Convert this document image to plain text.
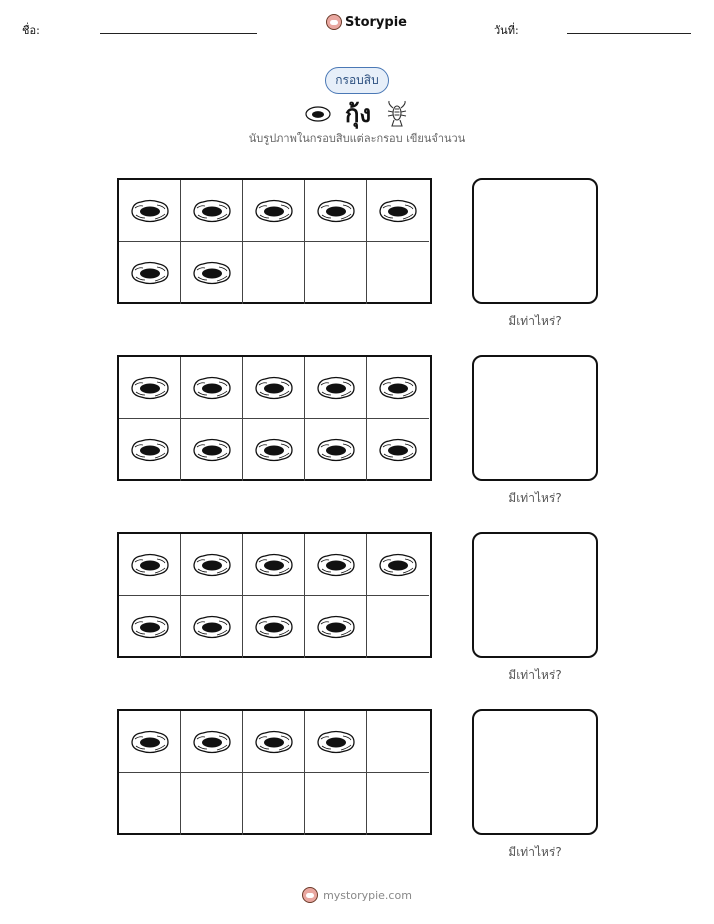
ชื่อ:
Storypie
วันที่:
กรอบสิบ
กุ้ง
นับรูปภาพในกรอบสิบแต่ละกรอบ เขียนจำนวน
มีเท่าไหร่?
มีเท่าไหร่?
มีเท่าไหร่?
มีเท่าไหร่?
mystorypie.com
